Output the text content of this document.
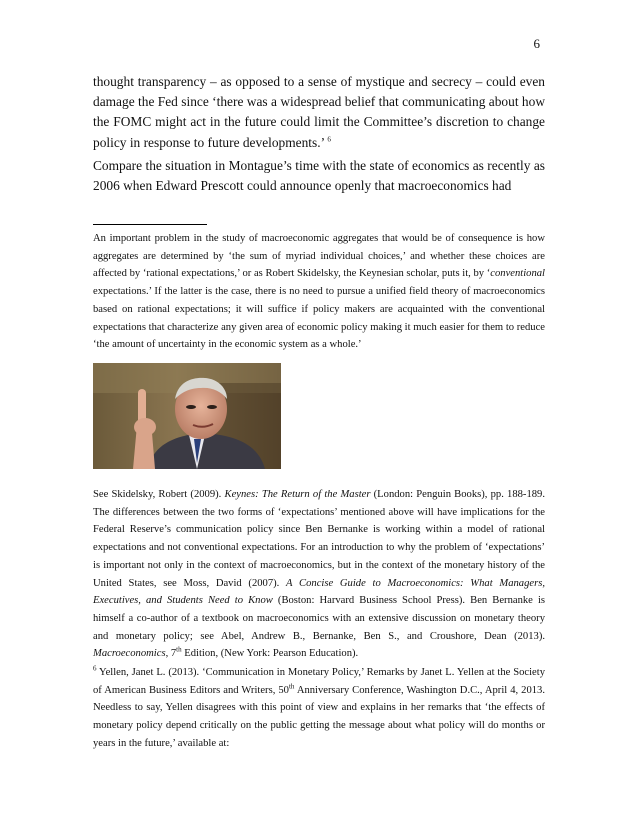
6

thought transparency – as opposed to a sense of mystique and secrecy – could even damage the Fed since ‘there was a widespread belief that communicating about how the FOMC might act in the future could limit the Committee’s discretion to change policy in response to future developments.’ $^6$

Compare the situation in Montague’s time with the state of economics as recently as 2006 when Edward Prescott could announce openly that macroeconomics had

An important problem in the study of macroeconomic aggregates that would be of consequence is how aggregates are determined by ‘the sum of myriad individual choices,’ and whether these choices are affected by ‘rational expectations,’ or as Robert Skidelsky, the Keynesian scholar, puts it, by ‘conventional expectations.’ If the latter is the case, there is no need to pursue a unified field theory of macroeconomics based on rational expectations; it will suffice if policy makers are acquainted with the conventional expectations that characterize any given area of economic policy making it much easier for them to reduce ‘the amount of uncertainty in the economic system as a whole.’

See Skidelsky, Robert (2009). Keynes: The Return of the Master (London: Penguin Books), pp. 188-189. The differences between the two forms of ‘expectations’ mentioned above will have implications for the Federal Reserve’s communication policy since Ben Bernanke is working within a model of rational expectations and not conventional expectations. For an introduction to why the problem of ‘expectations’ is important not only in the context of macroeconomics, but in the context of the monetary history of the United States, see Moss, David (2007). A Concise Guide to Macroeconomics: What Managers, Executives, and Students Need to Know (Boston: Harvard Business School Press). Ben Bernanke is himself a co-author of a textbook on macroeconomics with an extensive discussion on monetary theory and monetary policy; see Abel, Andrew B., Bernanke, Ben S., and Croushore, Dean (2013). Macroeconomics, 7th Edition, (New York: Pearson Education).

$^6$ Yellen, Janet L. (2013). ‘Communication in Monetary Policy,’ Remarks by Janet L. Yellen at the Society of American Business Editors and Writers, 50th Anniversary Conference, Washington D.C., April 4, 2013. Needless to say, Yellen disagrees with this point of view and explains in her remarks that ‘the effects of monetary policy depend critically on the public getting the message about what policy will do months or years in the future,’ available at:
